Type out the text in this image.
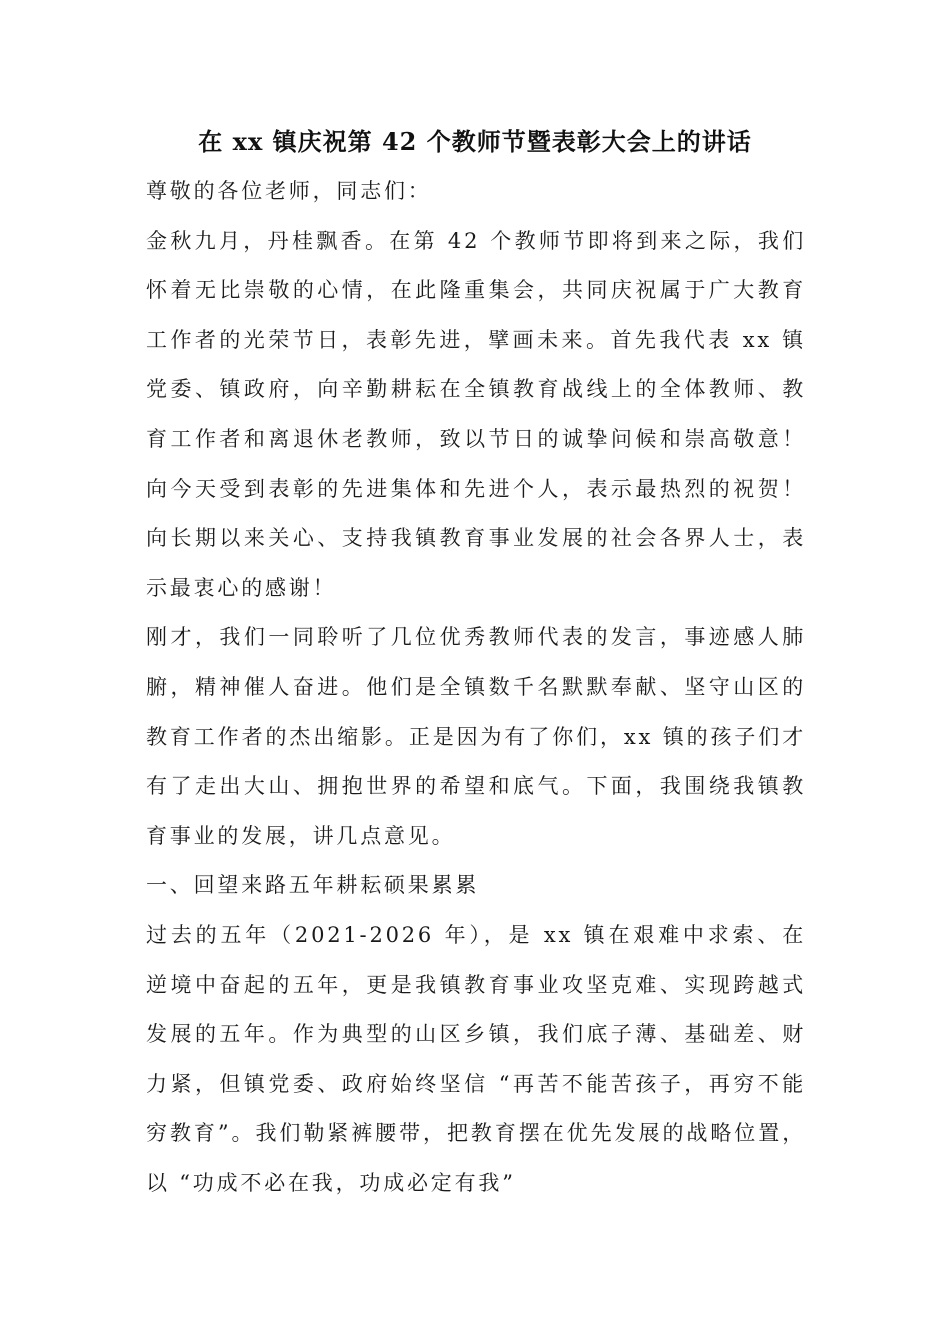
在 xx 镇庆祝第 42 个教师节暨表彰大会上的讲话

尊敬的各位老师，同志们：

金秋九月，丹桂飘香。在第 42 个教师节即将到来之际，我们怀着无比崇敬的心情，在此隆重集会，共同庆祝属于广大教育工作者的光荣节日，表彰先进，擘画未来。首先我代表 xx 镇党委、镇政府，向辛勤耕耘在全镇教育战线上的全体教师、教育工作者和离退休老教师，致以节日的诚挚问候和崇高敬意！向今天受到表彰的先进集体和先进个人，表示最热烈的祝贺！向长期以来关心、支持我镇教育事业发展的社会各界人士，表示最衷心的感谢！

刚才，我们一同聆听了几位优秀教师代表的发言，事迹感人肺腑，精神催人奋进。他们是全镇数千名默默奉献、坚守山区的教育工作者的杰出缩影。正是因为有了你们，xx 镇的孩子们才有了走出大山、拥抱世界的希望和底气。下面，我围绕我镇教育事业的发展，讲几点意见。

一、回望来路五年耕耘硕果累累

过去的五年（2021-2026 年），是 xx 镇在艰难中求索、在逆境中奋起的五年，更是我镇教育事业攻坚克难、实现跨越式发展的五年。作为典型的山区乡镇，我们底子薄、基础差、财力紧，但镇党委、政府始终坚信 “再苦不能苦孩子，再穷不能穷教育”。我们勒紧裤腰带，把教育摆在优先发展的战略位置，以 “功成不必在我，功成必定有我”
